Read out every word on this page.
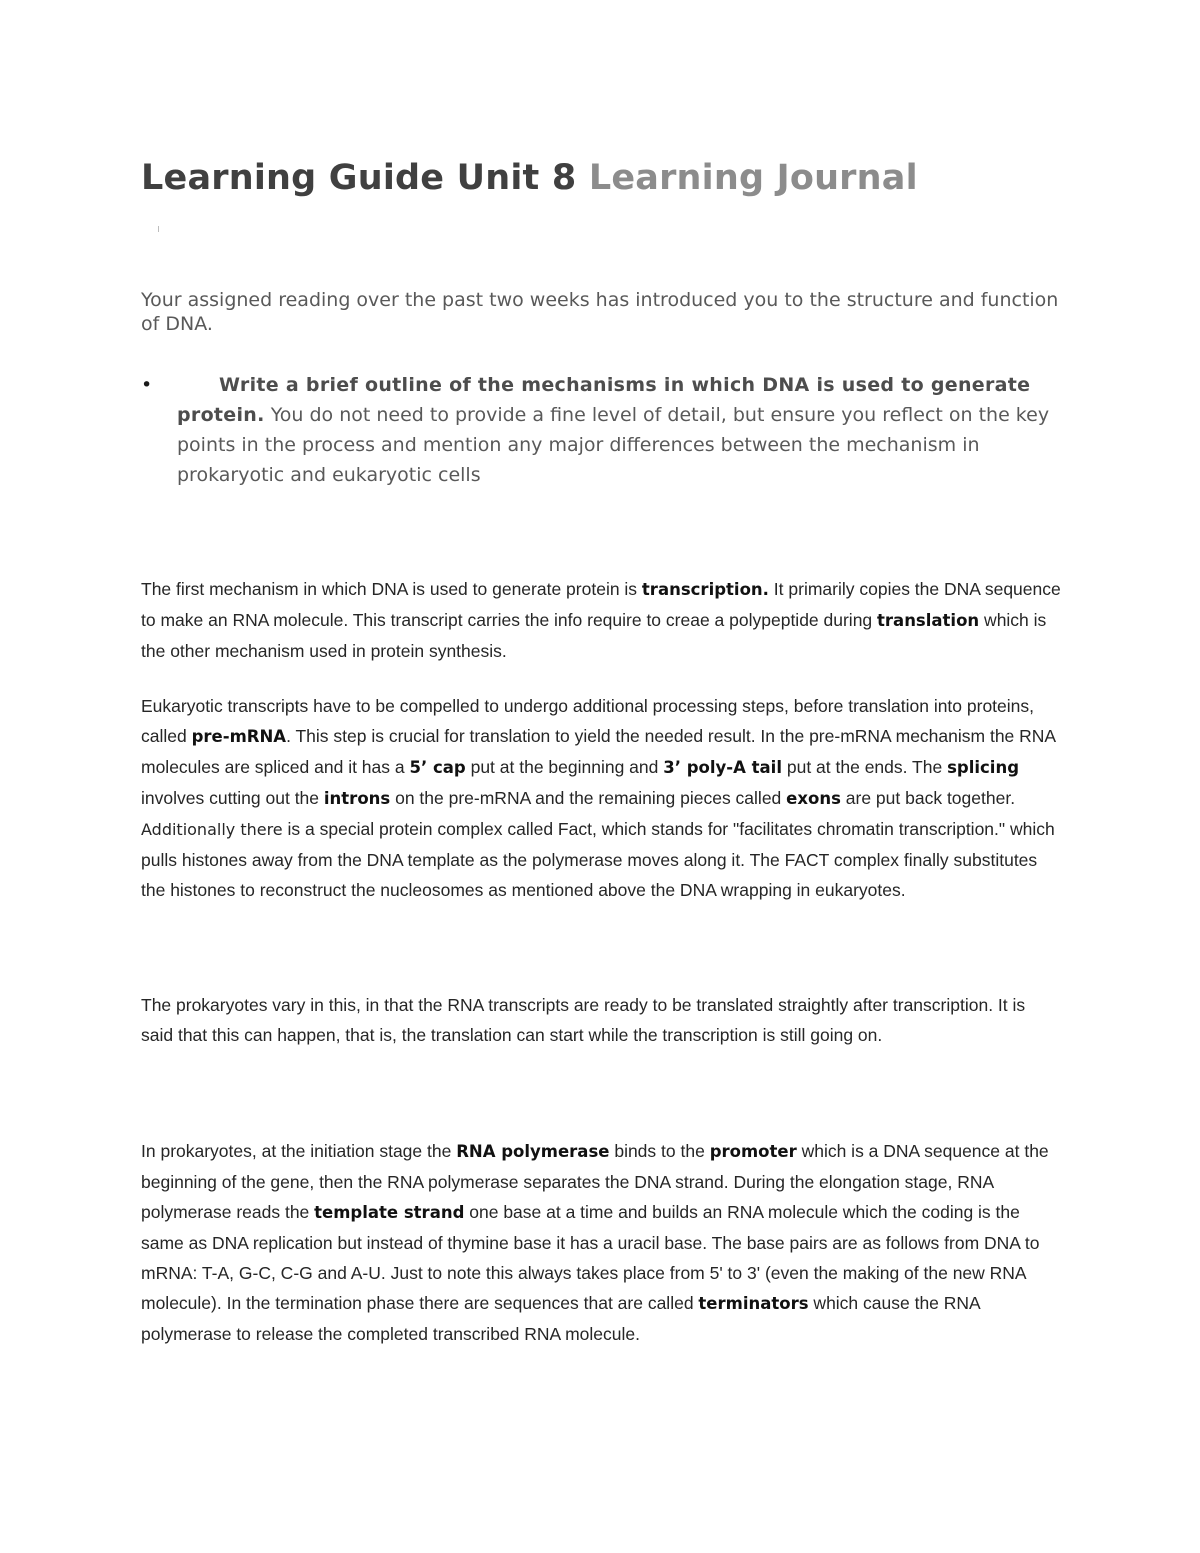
Learning Guide Unit 8 Learning Journal

Your assigned reading over the past two weeks has introduced you to the structure and function of DNA.

•	Write a brief outline of the mechanisms in which DNA is used to generate protein. You do not need to provide a fine level of detail, but ensure you reflect on the key points in the process and mention any major differences between the mechanism in prokaryotic and eukaryotic cells

The first mechanism in which DNA is used to generate protein is transcription. It primarily copies the DNA sequence to make an RNA molecule. This transcript carries the info require to creae a polypeptide during translation which is the other mechanism used in protein synthesis.

Eukaryotic transcripts have to be compelled to undergo additional processing steps, before translation into proteins, called pre-mRNA. This step is crucial for translation to yield the needed result. In the pre-mRNA mechanism the RNA molecules are spliced and it has a 5’ cap put at the beginning and 3’ poly-A tail put at the ends. The splicing involves cutting out the introns on the pre-mRNA and the remaining pieces called exons are put back together. Additionally there is a special protein complex called Fact, which stands for "facilitates chromatin transcription." which pulls histones away from the DNA template as the polymerase moves along it. The FACT complex finally substitutes the histones to reconstruct the nucleosomes as mentioned above the DNA wrapping in eukaryotes.

The prokaryotes vary in this, in that the RNA transcripts are ready to be translated straightly after transcription. It is said that this can happen, that is, the translation can start while the transcription is still going on.

In prokaryotes, at the initiation stage the RNA polymerase binds to the promoter which is a DNA sequence at the beginning of the gene, then the RNA polymerase separates the DNA strand. During the elongation stage, RNA polymerase reads the template strand one base at a time and builds an RNA molecule which the coding is the same as DNA replication but instead of thymine base it has a uracil base. The base pairs are as follows from DNA to mRNA: T-A, G-C, C-G and A-U. Just to note this always takes place from 5' to 3' (even the making of the new RNA molecule). In the termination phase there are sequences that are called terminators which cause the RNA polymerase to release the completed transcribed RNA molecule.
